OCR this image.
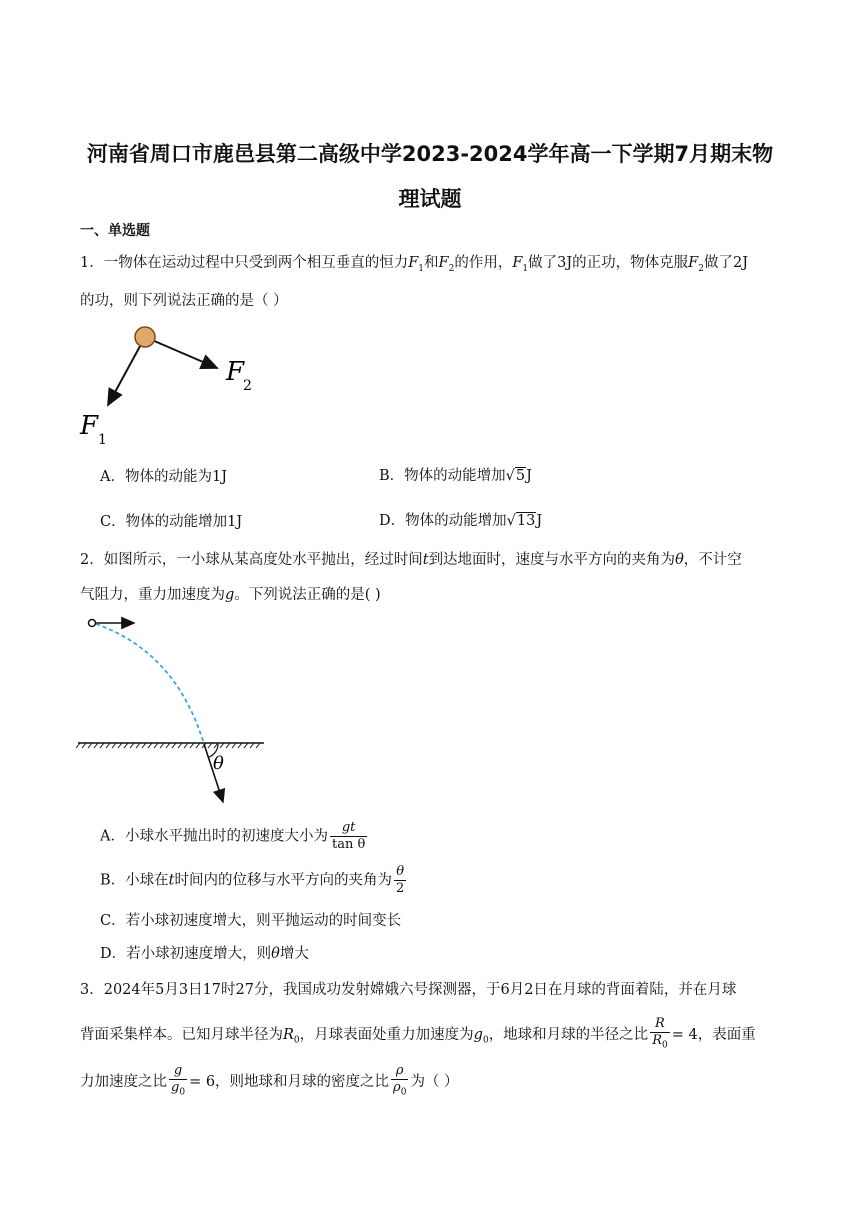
河南省周口市鹿邑县第二高级中学2023-2024学年高一下学期7月期末物
理试题
一、单选题
1．一物体在运动过程中只受到两个相互垂直的恒力$F_1$和$F_2$的作用，$F_1$做了3J的正功，物体克服$F_2$做了2J
的功，则下列说法正确的是（ ）
F
2
F 1
A．物体的动能为1J	B．物体的动能增加√5J
C．物体的动能增加1J	D．物体的动能增加√13J
2．如图所示，一小球从某高度处水平抛出，经过时间t到达地面时，速度与水平方向的夹角为θ，不计空
气阻力，重力加速度为g。下列说法正确的是( )
θ
A．小球水平抛出时的初速度大小为 $\frac{gt}{\text{tan θ}}$
B．小球在t时间内的位移与水平方向的夹角为 $\frac{\theta}{2}$
C．若小球初速度增大，则平抛运动的时间变长
D．若小球初速度增大，则θ增大
3．2024年5月3日17时27分，我国成功发射嫦娥六号探测器，于6月2日在月球的背面着陆，并在月球
背面采集样本。已知月球半径为$R_0$，月球表面处重力加速度为$g_0$，地球和月球的半径之比 $\frac{R}{R_0} = 4$，表面重
力加速度之比 $\frac{g}{g_0} = 6$，则地球和月球的密度之比 $\frac{\rho}{\rho_0}$ 为（ ）
